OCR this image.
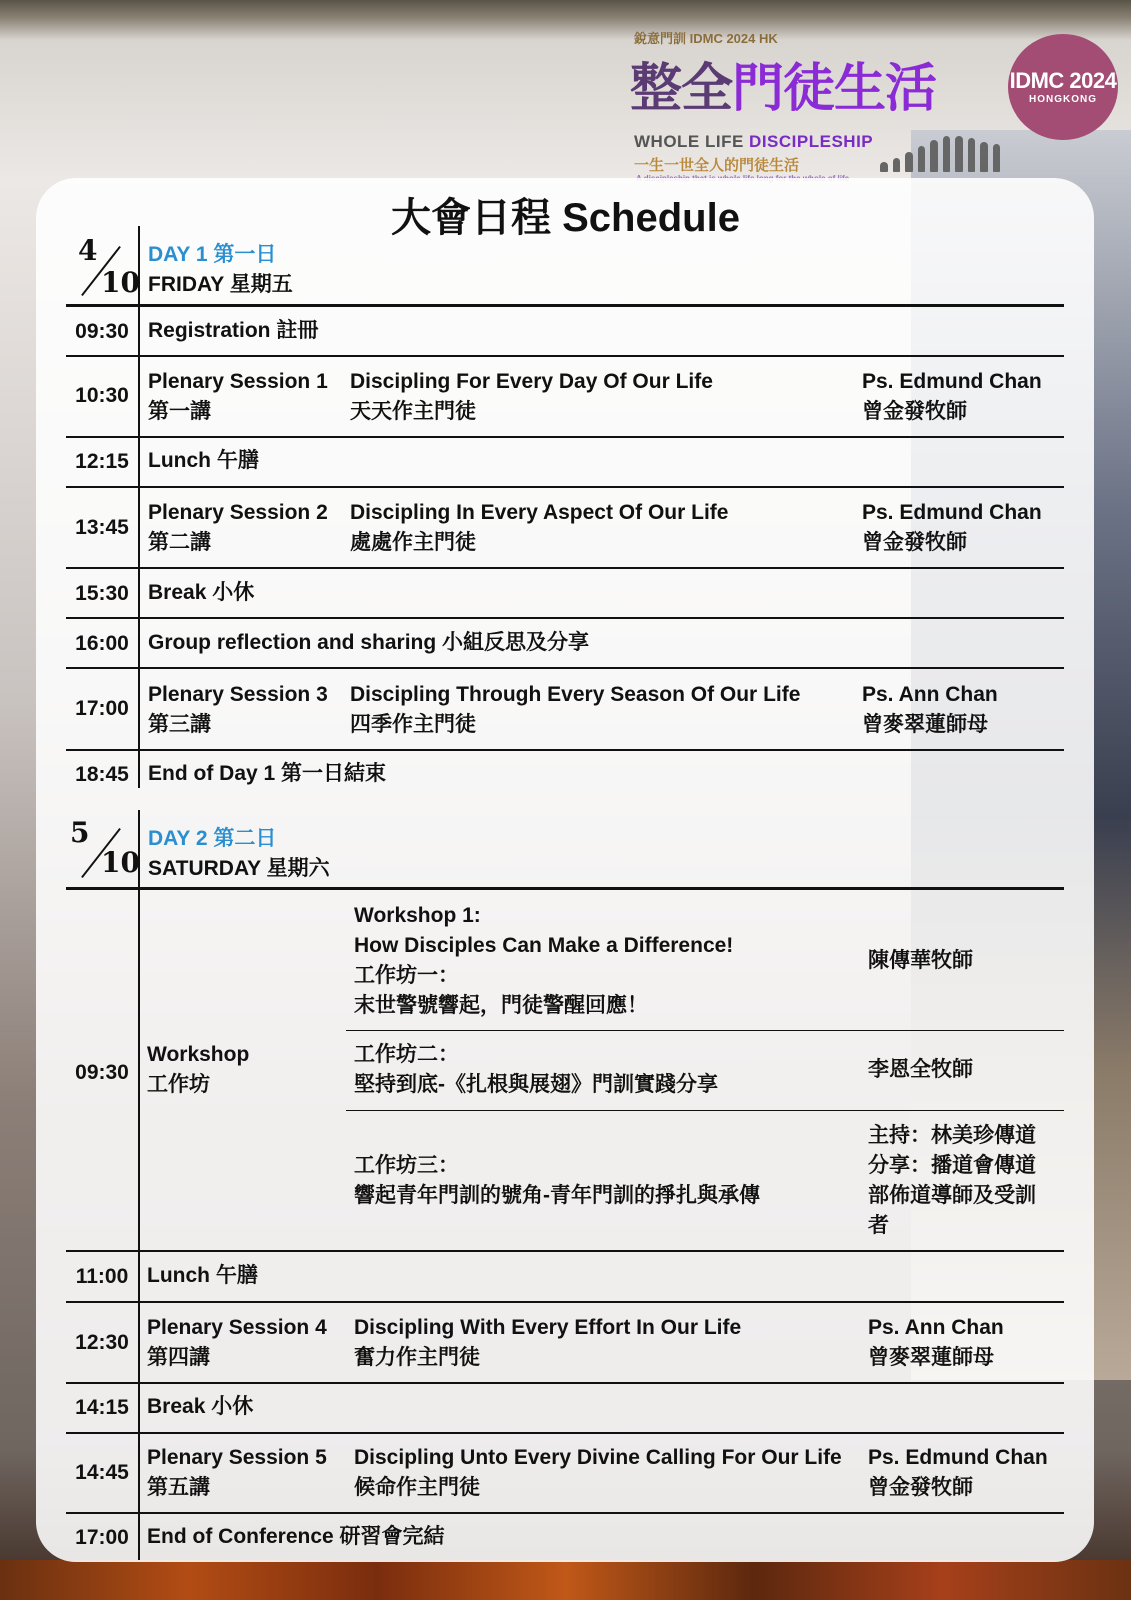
銳意門訓 IDMC 2024 HK
整全門徒生活
WHOLE LIFE DISCIPLESHIP
一生一世全人的門徒生活
IDMC 2024
HONGKONG
大會日程 Schedule
4
10
DAY 1 第一日
FRIDAY 星期五
09:30 Registration 註冊
10:30
Plenary Session 1
第一講
Discipling For Every Day Of Our Life
天天作主門徒
Ps. Edmund Chan
曾金發牧師
12:15 Lunch 午膳
13:45
Plenary Session 2
第二講
Discipling In Every Aspect Of Our Life
處處作主門徒
Ps. Edmund Chan
曾金發牧師
15:30 Break 小休
16:00 Group reflection and sharing 小組反思及分享
17:00
Plenary Session 3
第三講
Discipling Through Every Season Of Our Life
四季作主門徒
Ps. Ann Chan
曾麥翠蓮師母
18:45 End of Day 1 第一日結束
5
10
DAY 2 第二日
SATURDAY 星期六
09:30
Workshop
工作坊
Workshop 1:
How Disciples Can Make a Difference!
工作坊一：
末世警號響起，門徒警醒回應！
陳傳華牧師
工作坊二：
堅持到底-《扎根與展翅》門訓實踐分享
李恩全牧師
工作坊三：
響起青年門訓的號角-青年門訓的掙扎與承傳
主持：林美珍傳道
分享：播道會傳道
部佈道導師及受訓
者
11:00 Lunch 午膳
12:30
Plenary Session 4
第四講
Discipling With Every Effort In Our Life
奮力作主門徒
Ps. Ann Chan
曾麥翠蓮師母
14:15 Break 小休
14:45
Plenary Session 5
第五講
Discipling Unto Every Divine Calling For Our Life
候命作主門徒
Ps. Edmund Chan
曾金發牧師
17:00 End of Conference 研習會完結
